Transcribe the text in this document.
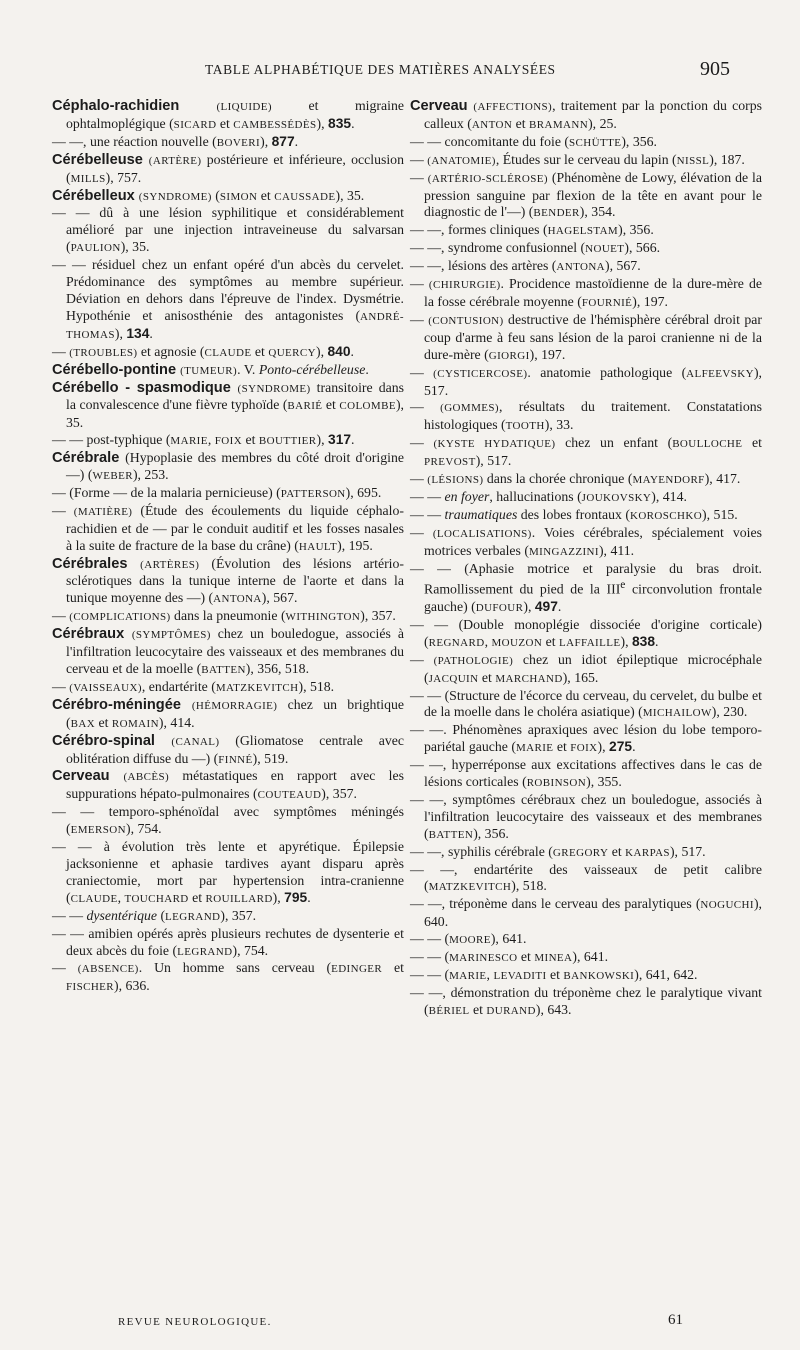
TABLE ALPHABÉTIQUE DES MATIÈRES ANALYSÉES	905

Céphalo-rachidien (LIQUIDE) et migraine ophtalmoplégique (SICARD et CAMBESSÉDÈS), 835.

— —, une réaction nouvelle (BOVERI), 877.

Cérébelleuse (ARTÈRE) postérieure et inférieure, occlusion (MILLS), 757.

Cérébelleux (SYNDROME) (SIMON et CAUSSADE), 35.

— — dû à une lésion syphilitique et considérablement amélioré par une injection intraveineuse du salvarsan (PAULION), 35.

— — résiduel chez un enfant opéré d'un abcès du cervelet. Prédominance des symptômes au membre supérieur. Déviation en dehors dans l'épreuve de l'index. Dysmétrie. Hypothénie et anisosthénie des antagonistes (ANDRÉ-THOMAS), 134.

— (TROUBLES) et agnosie (CLAUDE et QUERCY), 840.

Cérébello-pontine (TUMEUR). V. Ponto-cérébelleuse.

Cérébello - spasmodique (SYNDROME) transitoire dans la convalescence d'une fièvre typhoïde (BARIÉ et COLOMBE), 35.

— — post-typhique (MARIE, FOIX et BOUTTIER), 317.

Cérébrale (Hypoplasie des membres du côté droit d'origine —) (WEBER), 253.

— (Forme — de la malaria pernicieuse) (PATTERSON), 695.

— (MATIÈRE) (Étude des écoulements du liquide céphalo-rachidien et de — par le conduit auditif et les fosses nasales à la suite de fracture de la base du crâne) (HAULT), 195.

Cérébrales (ARTÈRES) (Évolution des lésions artério-sclérotiques dans la tunique interne de l'aorte et dans la tunique moyenne des —) (ANTONA), 567.

— (COMPLICATIONS) dans la pneumonie (WITHINGTON), 357.

Cérébraux (SYMPTÔMES) chez un bouledogue, associés à l'infiltration leucocytaire des vaisseaux et des membranes du cerveau et de la moelle (BATTEN), 356, 518.

— (VAISSEAUX), endartérite (MATZKEVITCH), 518.

Cérébro-méningée (HÉMORRAGIE) chez un brightique (BAX et ROMAIN), 414.

Cérébro-spinal (CANAL) (Gliomatose centrale avec oblitération diffuse du —) (FINNÉ), 519.

Cerveau (ABCÈS) métastatiques en rapport avec les suppurations hépato-pulmonaires (COUTEAUD), 357.

— — temporo-sphénoïdal avec symptômes méningés (EMERSON), 754.

— — à évolution très lente et apyrétique. Épilepsie jacksonienne et aphasie tardives ayant disparu après craniectomie, mort par hypertension intra-cranienne (CLAUDE, TOUCHARD et ROUILLARD), 795.

— — dysentérique (LEGRAND), 357.

— — amibien opérés après plusieurs rechutes de dysenterie et deux abcès du foie (LEGRAND), 754.

— (ABSENCE). Un homme sans cerveau (EDINGER et FISCHER), 636.

Cerveau (AFFECTIONS), traitement par la ponction du corps calleux (ANTON et BRAMANN), 25.

— — concomitante du foie (SCHÜTTE), 356.

— (ANATOMIE), Études sur le cerveau du lapin (NISSL), 187.

— (ARTÉRIO-SCLÉROSE) (Phénomène de Lowy, élévation de la pression sanguine par flexion de la tête en avant pour le diagnostic de l'—) (BENDER), 354.

— —, formes cliniques (HAGELSTAM), 356.

— —, syndrome confusionnel (NOUET), 566.

— —, lésions des artères (ANTONA), 567.

— (CHIRURGIE). Procidence mastoïdienne de la dure-mère de la fosse cérébrale moyenne (FOURNIÉ), 197.

— (CONTUSION) destructive de l'hémisphère cérébral droit par coup d'arme à feu sans lésion de la paroi cranienne ni de la dure-mère (GIORGI), 197.

— (CYSTICERCOSE). anatomie pathologique (ALFEEVSKY), 517.

— (GOMMES), résultats du traitement. Constatations histologiques (TOOTH), 33.

— (KYSTE HYDATIQUE) chez un enfant (BOULLOCHE et PREVOST), 517.

— (LÉSIONS) dans la chorée chronique (MAYENDORF), 417.

— — en foyer, hallucinations (JOUKOVSKY), 414.

— — traumatiques des lobes frontaux (KOROSCHKO), 515.

— (LOCALISATIONS). Voies cérébrales, spécialement voies motrices verbales (MINGAZZINI), 411.

— — (Aphasie motrice et paralysie du bras droit. Ramollissement du pied de la IIIe circonvolution frontale gauche) (DUFOUR), 497.

— — (Double monoplégie dissociée d'origine corticale) (REGNARD, MOUZON et LAFFAILLE), 838.

— (PATHOLOGIE) chez un idiot épileptique microcéphale (JACQUIN et MARCHAND), 165.

— — (Structure de l'écorce du cerveau, du cervelet, du bulbe et de la moelle dans le choléra asiatique) (MICHAILOW), 230.

— —. Phénomènes apraxiques avec lésion du lobe temporo-pariétal gauche (MARIE et FOIX), 275.

— —, hyperréponse aux excitations affectives dans le cas de lésions corticales (ROBINSON), 355.

— —, symptômes cérébraux chez un bouledogue, associés à l'infiltration leucocytaire des vaisseaux et des membranes (BATTEN), 356.

— —, syphilis cérébrale (GREGORY et KARPAS), 517.

— —, endartérite des vaisseaux de petit calibre (MATZKEVITCH), 518.

— —, tréponème dans le cerveau des paralytiques (NOGUCHI), 640.

— — (MOORE), 641.

— — (MARINESCO et MINEA), 641.

— — (MARIE, LEVADITI et BANKOWSKI), 641, 642.

— —, démonstration du tréponème chez le paralytique vivant (BÉRIEL et DURAND), 643.

REVUE NEUROLOGIQUE.	61
